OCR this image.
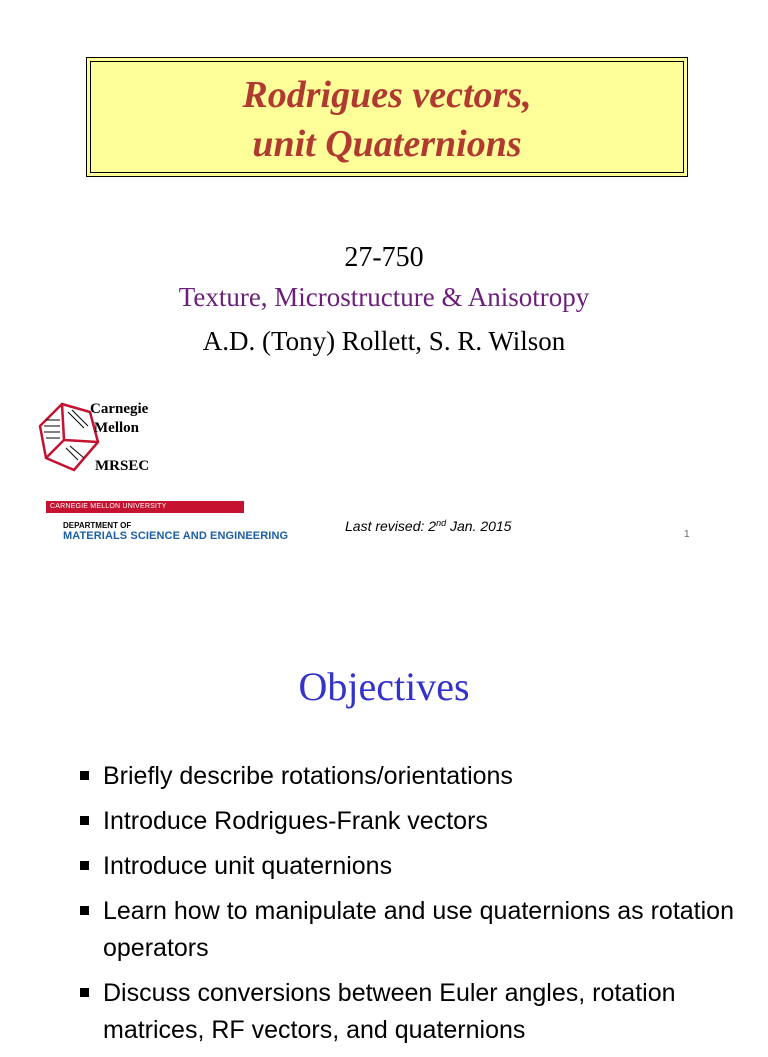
Rodrigues vectors,
unit Quaternions
27-750
Texture, Microstructure & Anisotropy
A.D. (Tony) Rollett, S. R. Wilson
Carnegie
Mellon
MRSEC
CARNEGIE MELLON UNIVERSITY
DEPARTMENT OF
MATERIALS SCIENCE AND ENGINEERING
Last revised: 2nd Jan. 2015
1
Objectives
Briefly describe rotations/orientations
Introduce Rodrigues-Frank vectors
Introduce unit quaternions
Learn how to manipulate and use quaternions as rotation operators
Discuss conversions between Euler angles, rotation matrices, RF vectors, and quaternions
